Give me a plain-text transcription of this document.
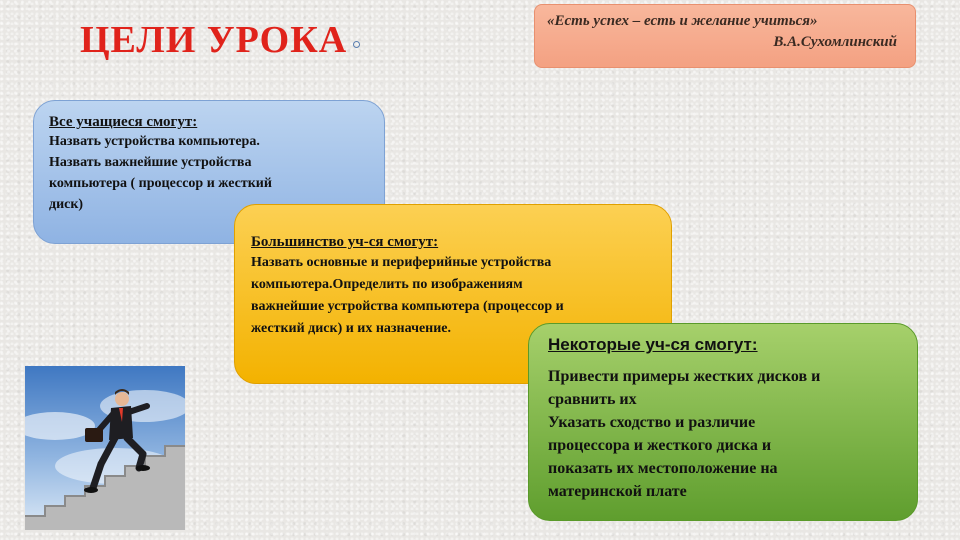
ЦЕЛИ УРОКА	«Есть успех – есть и желание учиться»
В.А.Сухомлинский
Все учащиеся смогут:

Назвать устройства компьютера.
Назвать важнейшие устройства
компьютера ( процессор и жесткий
диск)

Большинство уч-ся смогут:

Назвать основные и периферийные устройства
компьютера.Определить по изображениям
важнейшие устройства компьютера (процессор и
жесткий диск) и их назначение.

Некоторые уч-ся смогут:

Привести примеры жестких дисков и
сравнить их
Указать сходство и различие
процессора и жесткого диска и
показать их местоположение на
материнской плате
